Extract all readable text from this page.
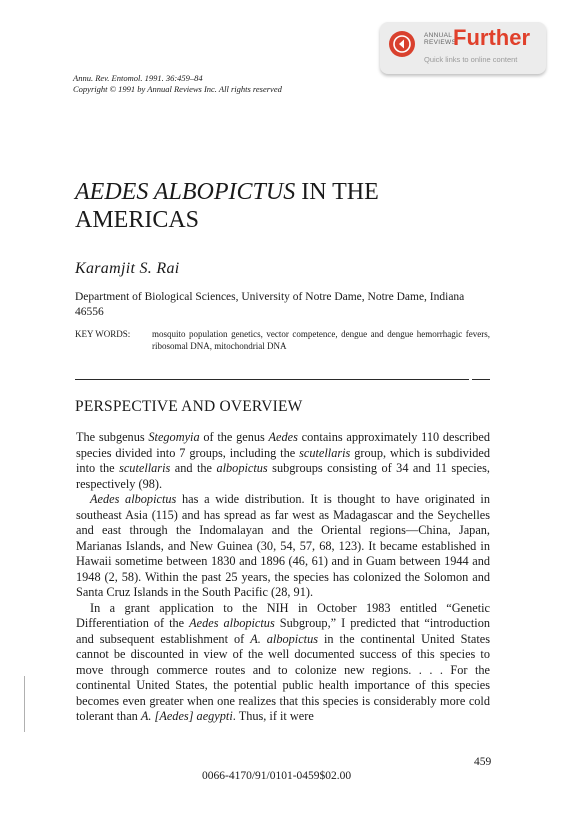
ANNUAL
REVIEWS
Further
Quick links to online content
Annu. Rev. Entomol. 1991. 36:459–84
Copyright © 1991 by Annual Reviews Inc. All rights reserved
AEDES ALBOPICTUS IN THE
AMERICAS
Karamjit S. Rai
Department of Biological Sciences, University of Notre Dame, Notre Dame, Indiana
46556
KEY WORDS: mosquito population genetics, vector competence, dengue and dengue hemorrhagic fevers, ribosomal DNA, mitochondrial DNA
PERSPECTIVE AND OVERVIEW

The subgenus Stegomyia of the genus Aedes contains approximately 110 described species divided into 7 groups, including the scutellaris group, which is subdivided into the scutellaris and the albopictus subgroups consisting of 34 and 11 species, respectively (98).

Aedes albopictus has a wide distribution. It is thought to have originated in southeast Asia (115) and has spread as far west as Madagascar and the Seychelles and east through the Indomalayan and the Oriental regions—China, Japan, Marianas Islands, and New Guinea (30, 54, 57, 68, 123). It became established in Hawaii sometime between 1830 and 1896 (46, 61) and in Guam between 1944 and 1948 (2, 58). Within the past 25 years, the species has colonized the Solomon and Santa Cruz Islands in the South Pacific (28, 91).

In a grant application to the NIH in October 1983 entitled “Genetic Differentiation of the Aedes albopictus Subgroup,” I predicted that “introduction and subsequent establishment of A. albopictus in the continental United States cannot be discounted in view of the well documented success of this species to move through commerce routes and to colonize new regions. . . . For the continental United States, the potential public health importance of this species becomes even greater when one realizes that this species is considerably more cold tolerant than A. [Aedes] aegypti. Thus, if it were

459
0066-4170/91/0101-0459$02.00
